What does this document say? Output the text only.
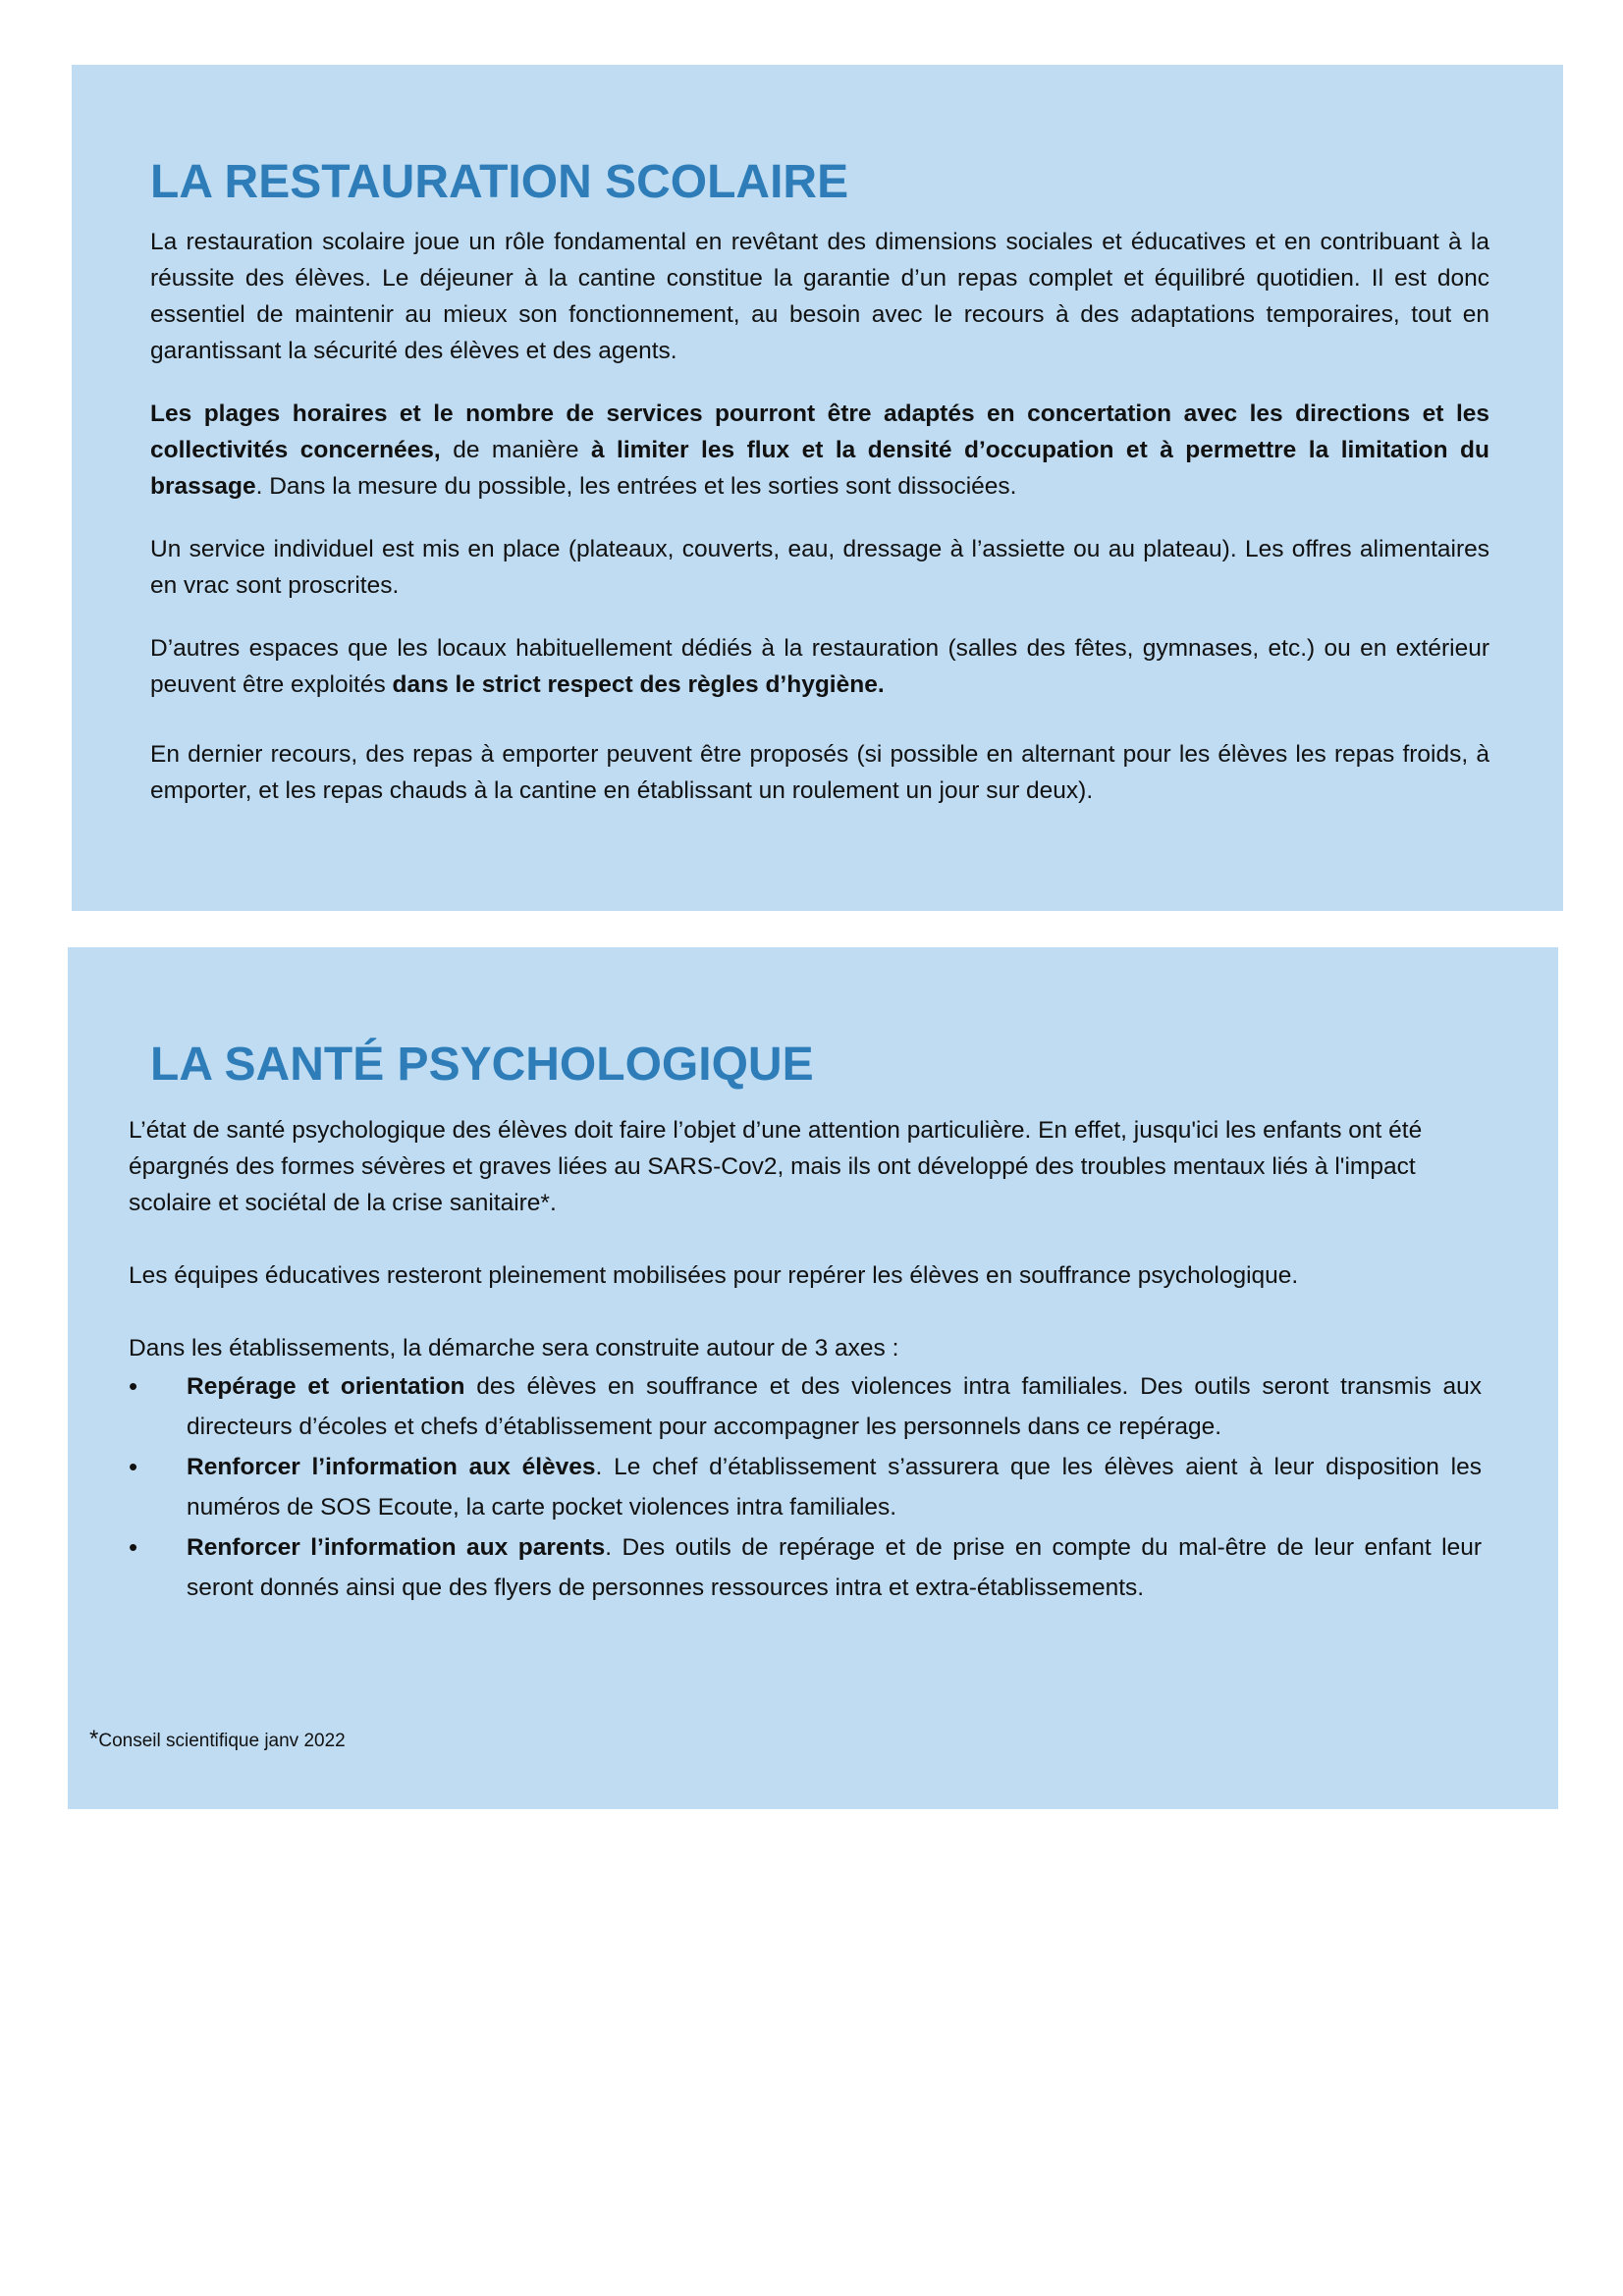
LA RESTAURATION SCOLAIRE

La restauration scolaire joue un rôle fondamental en revêtant des dimensions sociales et éducatives et en contribuant à la réussite des élèves. Le déjeuner à la cantine constitue la garantie d’un repas complet et équilibré quotidien. Il est donc essentiel de maintenir au mieux son fonctionnement, au besoin avec le recours à des adaptations temporaires, tout en garantissant la sécurité des élèves et des agents.

Les plages horaires et le nombre de services pourront être adaptés en concertation avec les directions et les collectivités concernées, de manière à limiter les flux et la densité d’occupation et à permettre la limitation du brassage. Dans la mesure du possible, les entrées et les sorties sont dissociées.

Un service individuel est mis en place (plateaux, couverts, eau, dressage à l’assiette ou au plateau). Les offres alimentaires en vrac sont proscrites.

D’autres espaces que les locaux habituellement dédiés à la restauration (salles des fêtes, gymnases, etc.) ou en extérieur peuvent être exploités dans le strict respect des règles d’hygiène.

En dernier recours, des repas à emporter peuvent être proposés (si possible en alternant pour les élèves les repas froids, à emporter, et les repas chauds à la cantine en établissant un roulement un jour sur deux).

LA SANTÉ PSYCHOLOGIQUE

L’état de santé psychologique des élèves doit faire l’objet d’une attention particulière. En effet, jusqu'ici les enfants ont été épargnés des formes sévères et graves liées au SARS-Cov2, mais ils ont développé des troubles mentaux liés à l'impact scolaire et sociétal de la crise sanitaire*.

Les équipes éducatives resteront pleinement mobilisées pour repérer les élèves en souffrance psychologique.

Dans les établissements, la démarche sera construite autour de 3 axes :

•	Repérage et orientation des élèves en souffrance et des violences intra familiales. Des outils seront transmis aux directeurs d’écoles et chefs d’établissement pour accompagner les personnels dans ce repérage.
•	Renforcer l’information aux élèves. Le chef d’établissement s’assurera que les élèves aient à leur disposition les numéros de SOS Ecoute, la carte pocket violences intra familiales.
•	Renforcer l’information aux parents. Des outils de repérage et de prise en compte du mal-être de leur enfant leur seront donnés ainsi que des flyers de personnes ressources intra et extra-établissements.
*Conseil scientifique janv 2022
